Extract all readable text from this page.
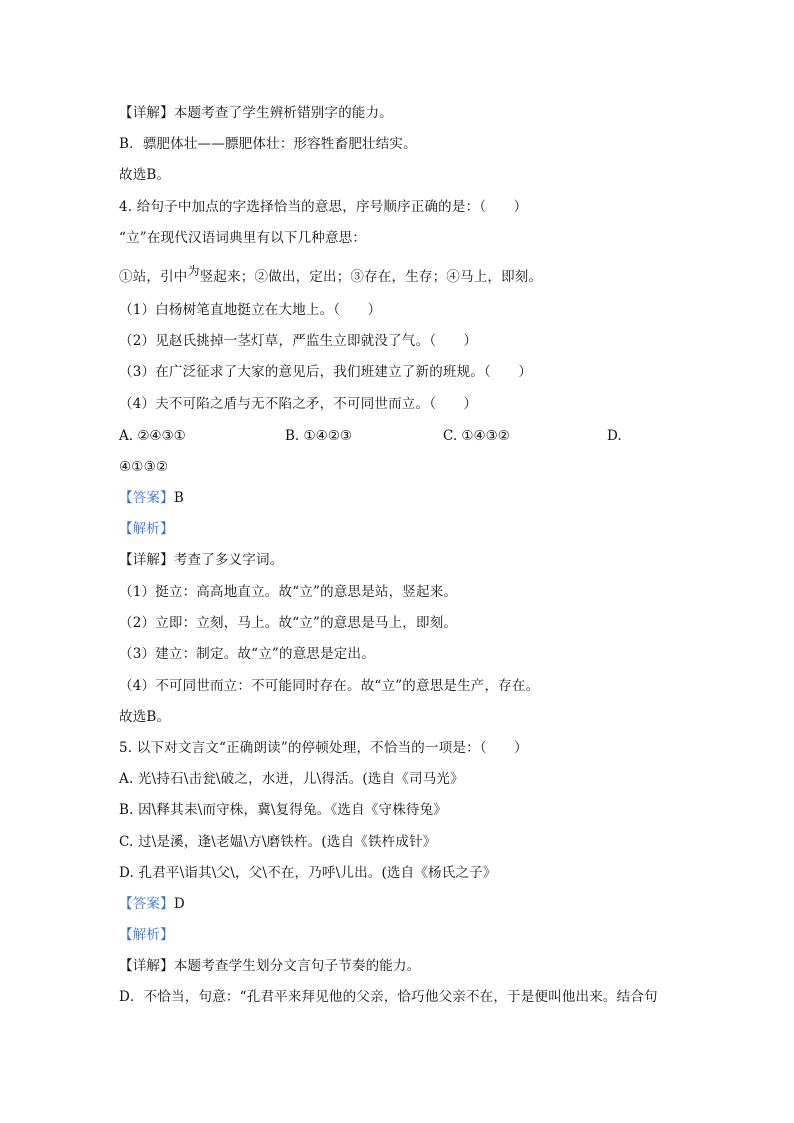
【详解】本题考查了学生辨析错别字的能力。
B．骠肥体壮——膘肥体壮：形容牲畜肥壮结实。
故选B。
4. 给句子中加点的字选择恰当的意思，序号顺序正确的是：（　　）
“立”在现代汉语词典里有以下几种意思：
①站，引中为竖起来；②做出，定出；③存在，生存；④马上，即刻。
（1）白杨树笔直地挺立在大地上。（　　）
（2）见赵氏挑掉一茎灯草，严监生立即就没了气。（　　）
（3）在广泛征求了大家的意见后，我们班建立了新的班规。（　　）
（4）夫不可陷之盾与无不陷之矛，不可同世而立。（　　）
A. ②④③①	B. ①④②③	C. ①④③②	D.
④①③②
【答案】B
【解析】
【详解】考查了多义字词。
（1）挺立：高高地直立。故“立”的意思是站，竖起来。
（2）立即：立刻，马上。故“立”的意思是马上，即刻。
（3）建立：制定。故“立”的意思是定出。
（4）不可同世而立：不可能同时存在。故“立”的意思是生产，存在。
故选B。
5. 以下对文言文“正确朗读”的停顿处理，不恰当的一项是：（　　）
A. 光\持石\击瓮\破之，水迸，儿\得活。(选自《司马光》
B. 因\释其耒\而守株，冀\复得兔。《选自《守株待兔》
C. 过\是溪，逢\老媪\方\磨铁杵。(选自《铁杵成针》
D. 孔君平\诣其\父\，父\不在，乃呼\儿出。(选自《杨氏之子》
【答案】D
【解析】
【详解】本题考查学生划分文言句子节奏的能力。
D．不恰当，句意：“孔君平来拜见他的父亲，恰巧他父亲不在，于是便叫他出来。结合句
